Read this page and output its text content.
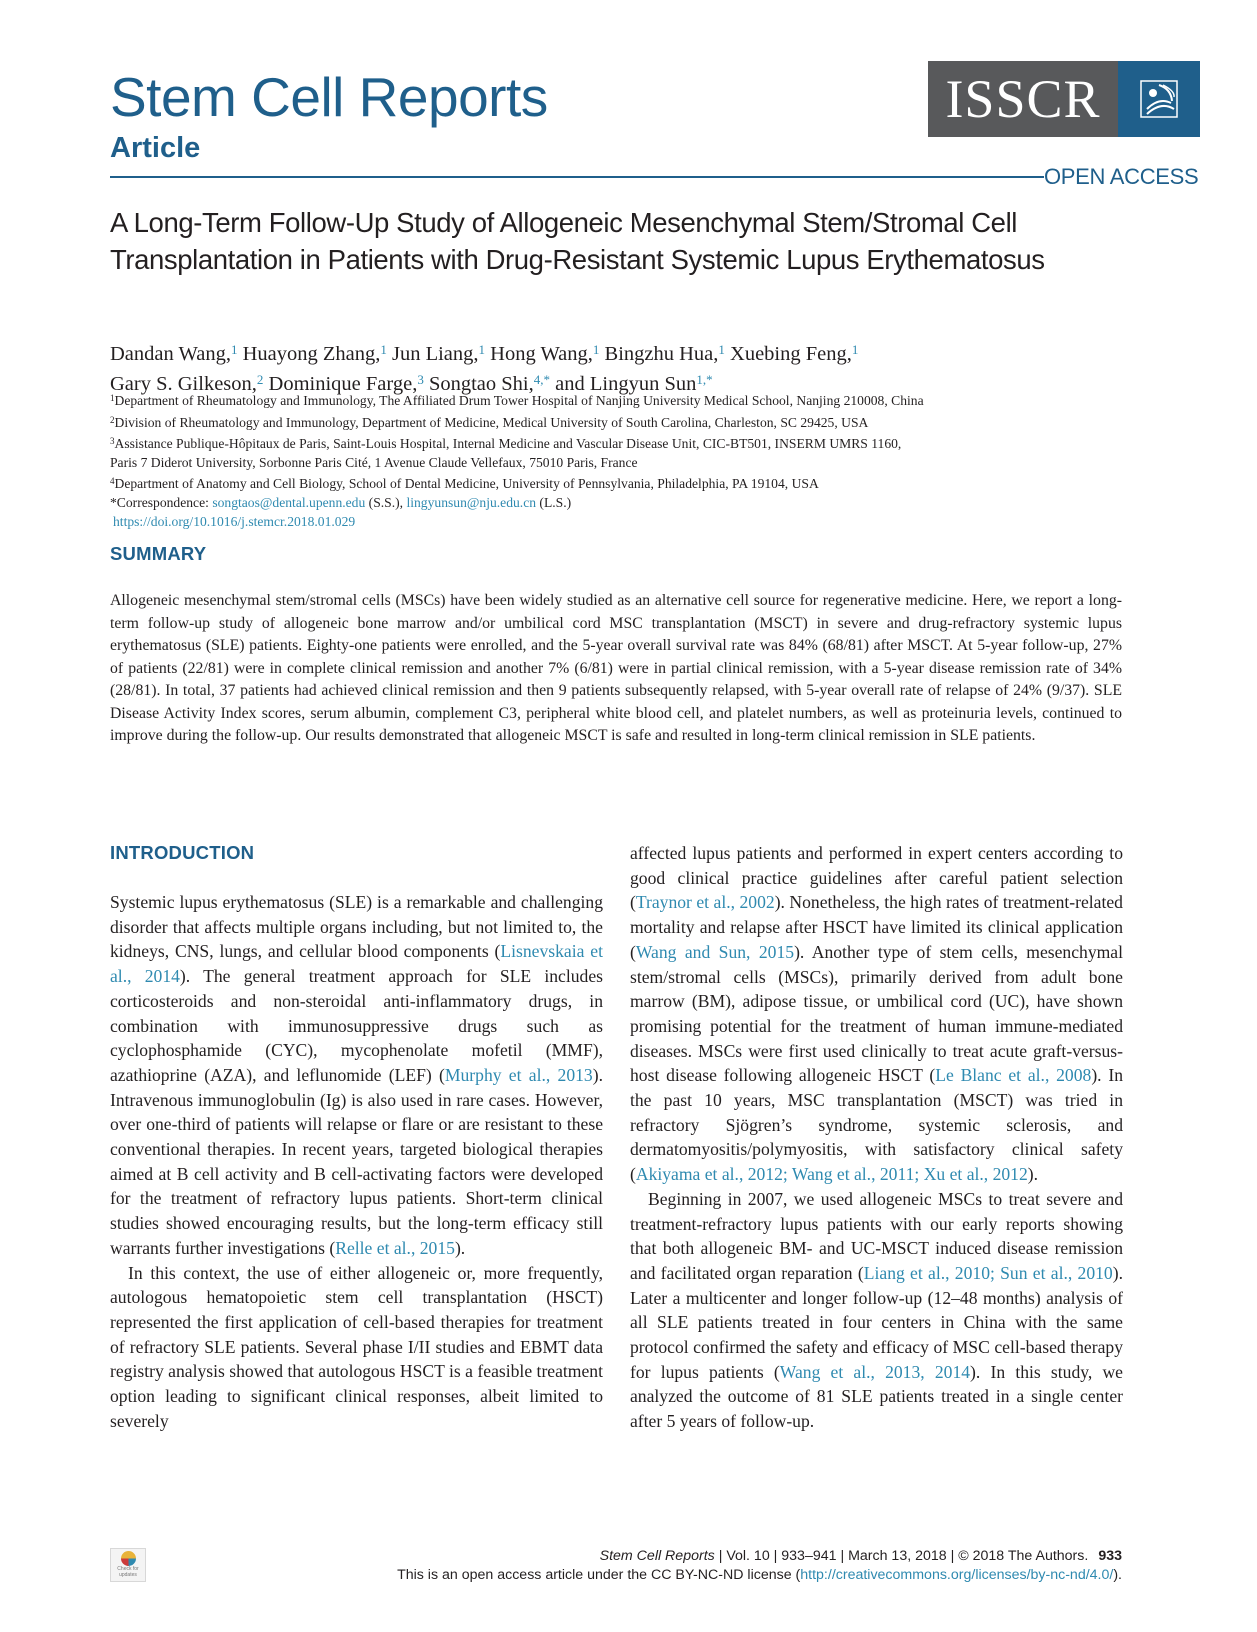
Stem Cell Reports
Article
ISSCR
OPEN ACCESS
A Long-Term Follow-Up Study of Allogeneic Mesenchymal Stem/Stromal Cell Transplantation in Patients with Drug-Resistant Systemic Lupus Erythematosus
Dandan Wang,$^1$ Huayong Zhang,$^1$ Jun Liang,$^1$ Hong Wang,$^1$ Bingzhu Hua,$^1$ Xuebing Feng,$^1$
Gary S. Gilkeson,$^2$ Dominique Farge,$^3$ Songtao Shi,$^{4,*}$ and Lingyun Sun$^{1,*}$
$^1$Department of Rheumatology and Immunology, The Affiliated Drum Tower Hospital of Nanjing University Medical School, Nanjing 210008, China
$^2$Division of Rheumatology and Immunology, Department of Medicine, Medical University of South Carolina, Charleston, SC 29425, USA
$^3$Assistance Publique-Hôpitaux de Paris, Saint-Louis Hospital, Internal Medicine and Vascular Disease Unit, CIC-BT501, INSERM UMRS 1160,
Paris 7 Diderot University, Sorbonne Paris Cité, 1 Avenue Claude Vellefaux, 75010 Paris, France
$^4$Department of Anatomy and Cell Biology, School of Dental Medicine, University of Pennsylvania, Philadelphia, PA 19104, USA
*Correspondence: songtaos@dental.upenn.edu (S.S.), lingyunsun@nju.edu.cn (L.S.)
https://doi.org/10.1016/j.stemcr.2018.01.029
SUMMARY
Allogeneic mesenchymal stem/stromal cells (MSCs) have been widely studied as an alternative cell source for regenerative medicine. Here, we report a long-term follow-up study of allogeneic bone marrow and/or umbilical cord MSC transplantation (MSCT) in severe and drug-refractory systemic lupus erythematosus (SLE) patients. Eighty-one patients were enrolled, and the 5-year overall survival rate was 84% (68/81) after MSCT. At 5-year follow-up, 27% of patients (22/81) were in complete clinical remission and another 7% (6/81) were in partial clinical remission, with a 5-year disease remission rate of 34% (28/81). In total, 37 patients had achieved clinical remission and then 9 patients subsequently relapsed, with 5-year overall rate of relapse of 24% (9/37). SLE Disease Activity Index scores, serum albumin, complement C3, peripheral white blood cell, and platelet numbers, as well as proteinuria levels, continued to improve during the follow-up. Our results demonstrated that allogeneic MSCT is safe and resulted in long-term clinical remission in SLE patients.
INTRODUCTION

Systemic lupus erythematosus (SLE) is a remarkable and challenging disorder that affects multiple organs including, but not limited to, the kidneys, CNS, lungs, and cellular blood components (Lisnevskaia et al., 2014). The general treatment approach for SLE includes corticosteroids and non-steroidal anti-inflammatory drugs, in combination with immunosuppressive drugs such as cyclophosphamide (CYC), mycophenolate mofetil (MMF), azathioprine (AZA), and leflunomide (LEF) (Murphy et al., 2013). Intravenous immunoglobulin (Ig) is also used in rare cases. However, over one-third of patients will relapse or flare or are resistant to these conventional therapies. In recent years, targeted biological therapies aimed at B cell activity and B cell-activating factors were developed for the treatment of refractory lupus patients. Short-term clinical studies showed encouraging results, but the long-term efficacy still warrants further investigations (Relle et al., 2015).

In this context, the use of either allogeneic or, more frequently, autologous hematopoietic stem cell transplantation (HSCT) represented the first application of cell-based therapies for treatment of refractory SLE patients. Several phase I/II studies and EBMT data registry analysis showed that autologous HSCT is a feasible treatment option leading to significant clinical responses, albeit limited to severely

affected lupus patients and performed in expert centers according to good clinical practice guidelines after careful patient selection (Traynor et al., 2002). Nonetheless, the high rates of treatment-related mortality and relapse after HSCT have limited its clinical application (Wang and Sun, 2015). Another type of stem cells, mesenchymal stem/stromal cells (MSCs), primarily derived from adult bone marrow (BM), adipose tissue, or umbilical cord (UC), have shown promising potential for the treatment of human immune-mediated diseases. MSCs were first used clinically to treat acute graft-versus-host disease following allogeneic HSCT (Le Blanc et al., 2008). In the past 10 years, MSC transplantation (MSCT) was tried in refractory Sjögren’s syndrome, systemic sclerosis, and dermatomyositis/polymyositis, with satisfactory clinical safety (Akiyama et al., 2012; Wang et al., 2011; Xu et al., 2012).

Beginning in 2007, we used allogeneic MSCs to treat severe and treatment-refractory lupus patients with our early reports showing that both allogeneic BM- and UC-MSCT induced disease remission and facilitated organ reparation (Liang et al., 2010; Sun et al., 2010). Later a multicenter and longer follow-up (12–48 months) analysis of all SLE patients treated in four centers in China with the same protocol confirmed the safety and efficacy of MSC cell-based therapy for lupus patients (Wang et al., 2013, 2014). In this study, we analyzed the outcome of 81 SLE patients treated in a single center after 5 years of follow-up.

Check for updates
Stem Cell Reports | Vol. 10 | 933–941 | March 13, 2018 | © 2018 The Authors. 933
This is an open access article under the CC BY-NC-ND license (http://creativecommons.org/licenses/by-nc-nd/4.0/).
